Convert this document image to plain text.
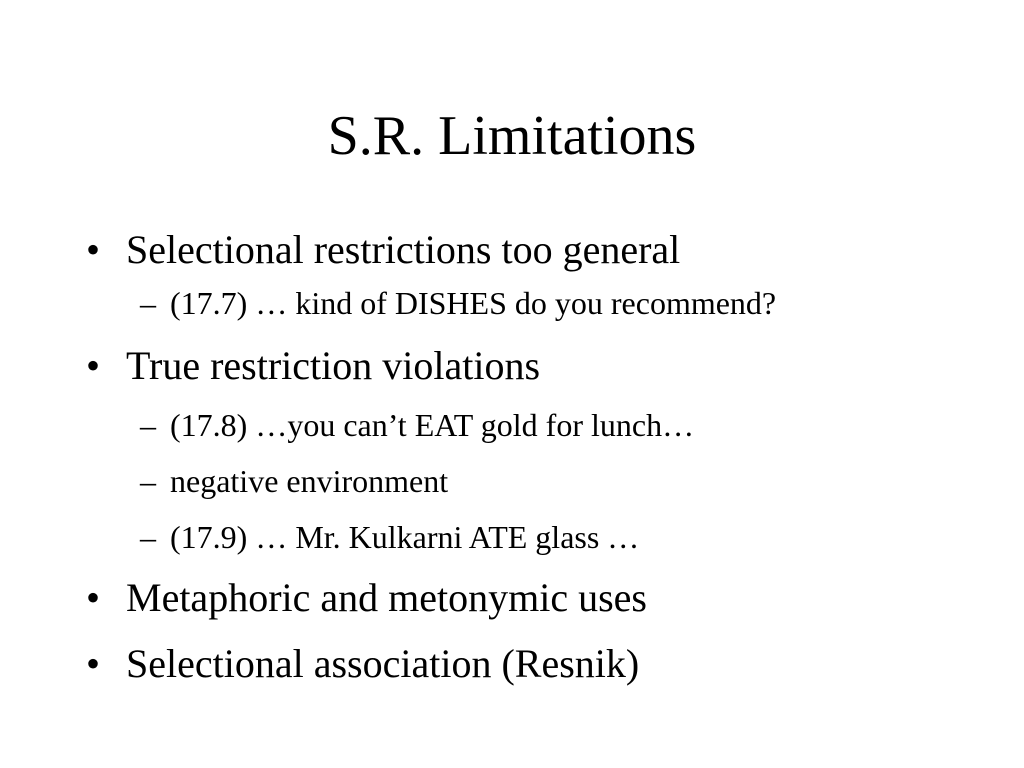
S.R. Limitations
• Selectional restrictions too general
– (17.7) … kind of DISHES do you recommend?
• True restriction violations
– (17.8) …you can’t EAT gold for lunch…
– negative environment
– (17.9) … Mr. Kulkarni ATE glass …
• Metaphoric and metonymic uses
• Selectional association (Resnik)
